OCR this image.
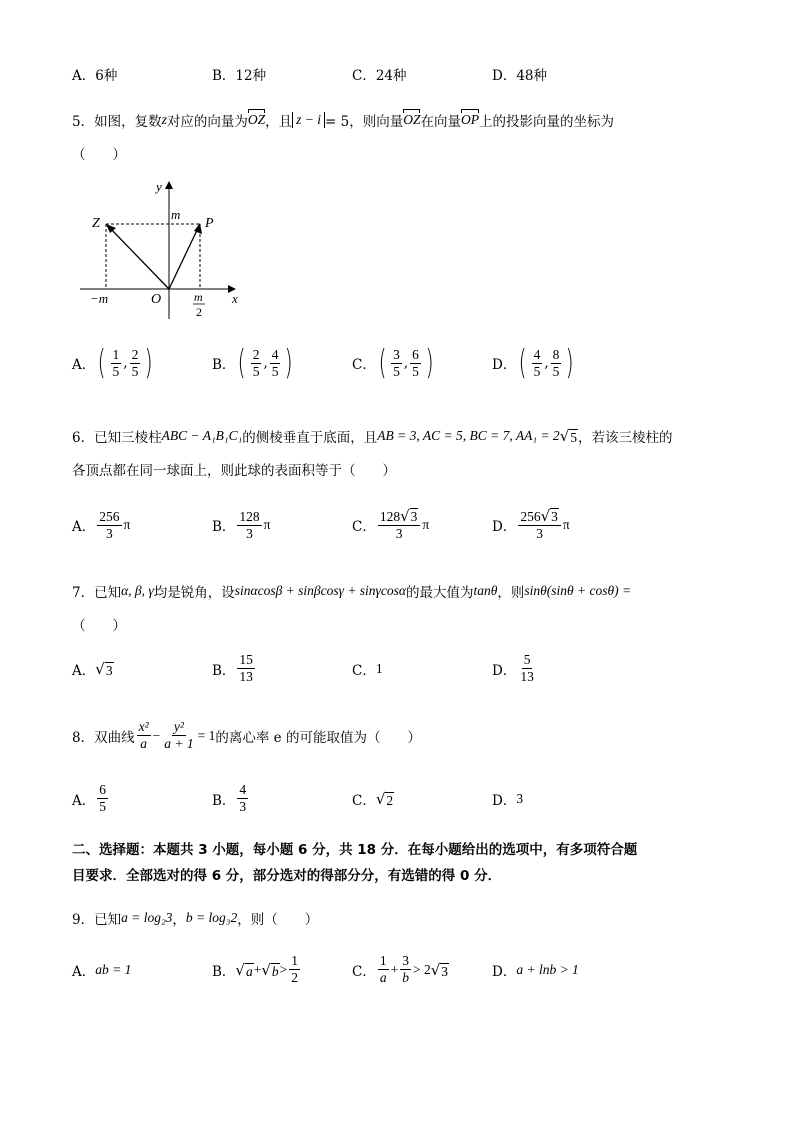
A．6种	B．12种	C．24种	D．48种
5．如图，复数 z 对应的向量为 OZ ，且 z − i = 5，则向量 OZ 在向量 OP 上的投影向量的坐标为
（　　）
y
x
m
Z	P
O
−m	m
2
A． ( $\frac{1}{5}$ , $\frac{2}{5}$ )	B． ( $\frac{2}{5}$ , $\frac{4}{5}$ )	C． ( $\frac{3}{5}$ , $\frac{6}{5}$ )	D． ( $\frac{4}{5}$ , $\frac{8}{5}$ )
6．已知三棱柱 ABC − A₁B₁C₁ 的侧棱垂直于底面，且 AB = 3, AC = 5, BC = 7, AA₁ = 2 √ 5 ，若该三棱柱的
各顶点都在同一球面上，则此球的表面积等于（　　）
A． $\frac{256}{3}$ π	B． $\frac{128}{3}$ π	C． $\frac{128 √ 3}{3}$ π	D． $\frac{256 √ 3}{3}$ π
7．已知 α, β, γ 均是锐角，设 sinαcosβ + sinβcosγ + sinγcosα 的最大值为 tanθ ，则 sinθ(sinθ + cosθ) =
（　　）
A． √ 3	B． $\frac{15}{13}$	C． 1	D． $\frac{5}{13}$
8．双曲线 $\frac{\text{x²}}{a} - \frac{\text{y²}}{a + 1} = 1$ 的离心率 e 的可能取值为（　　）
A． $\frac{6}{5}$	B． $\frac{4}{3}$	C． √ 2	D． 3
二、选择题：本题共 3 小题，每小题 6 分，共 18 分．在每小题给出的选项中，有多项符合题
目要求．全部选对的得 6 分，部分选对的得部分分，有选错的得 0 分．
9．已知 a = log₂3 ， b = log₃2 ，则（　　）
A． ab = 1	B． √ a + √ $b > \frac{1}{2}$	C． $\frac{1}{a} + \frac{3}{b} > 2$ √ 3	D． a + lnb > 1
